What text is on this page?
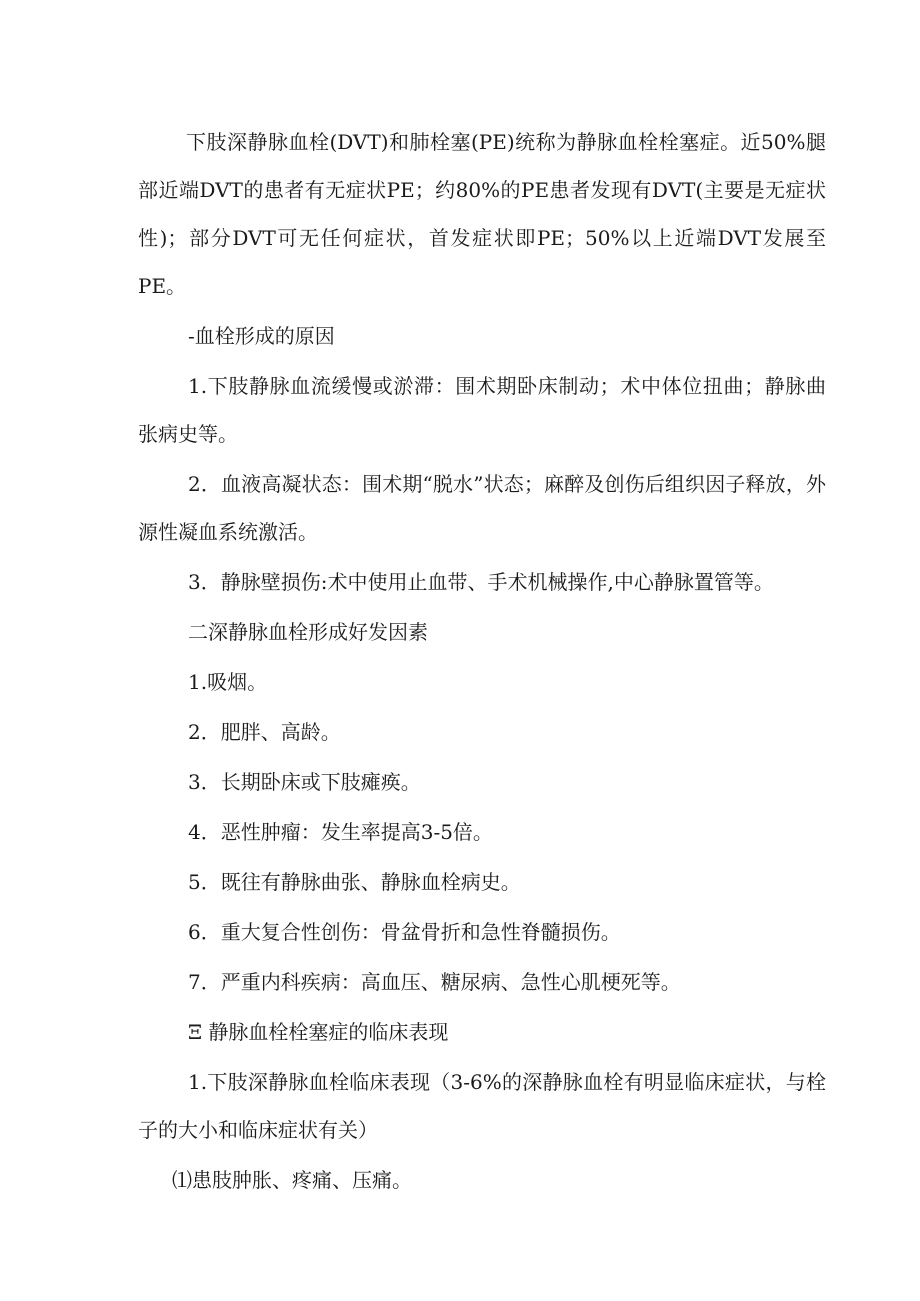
下肢深静脉血栓(DVT)和肺栓塞(PE)统称为静脉血栓栓塞症。近50%腿部近端DVT的患者有无症状PE；约80%的PE患者发现有DVT(主要是无症状性)；部分DVT可无任何症状，首发症状即PE；50%以上近端DVT发展至PE。

-血栓形成的原因

1.下肢静脉血流缓慢或淤滞：围术期卧床制动；术中体位扭曲；静脉曲张病史等。

2．血液高凝状态：围术期“脱水”状态；麻醉及创伤后组织因子释放，外源性凝血系统激活。

3．静脉壁损伤:术中使用止血带、手术机械操作,中心静脉置管等。

二深静脉血栓形成好发因素

1.吸烟。

2．肥胖、高龄。

3．长期卧床或下肢瘫痪。

4．恶性肿瘤：发生率提高3-5倍。

5．既往有静脉曲张、静脉血栓病史。

6．重大复合性创伤：骨盆骨折和急性脊髓损伤。

7．严重内科疾病：高血压、糖尿病、急性心肌梗死等。

Ξ 静脉血栓栓塞症的临床表现

1.下肢深静脉血栓临床表现（3-6%的深静脉血栓有明显临床症状，与栓子的大小和临床症状有关）

⑴患肢肿胀、疼痛、压痛。
